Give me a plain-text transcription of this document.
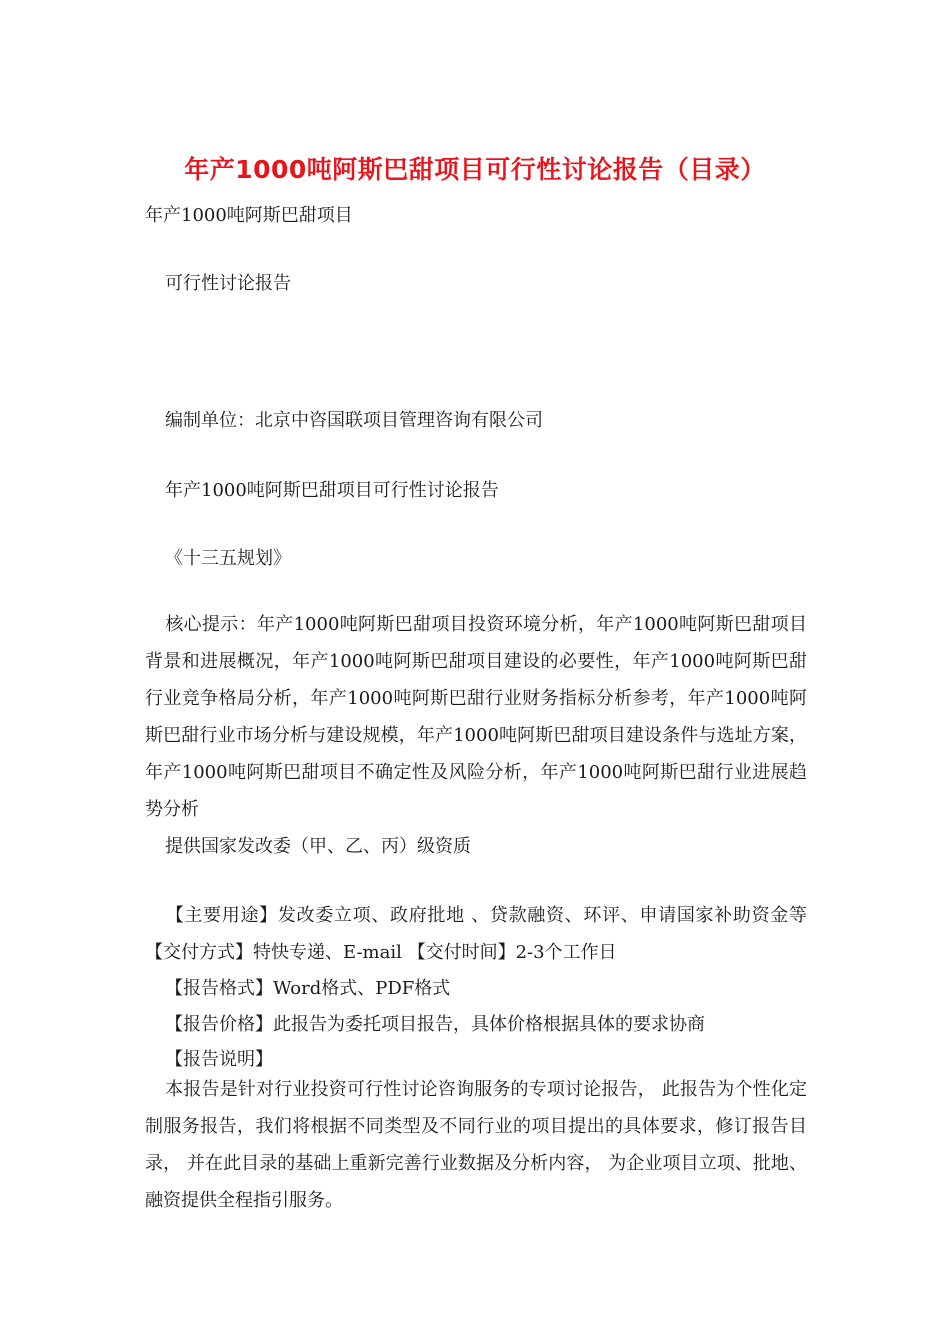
年产1000吨阿斯巴甜项目可行性讨论报告（目录）
年产1000吨阿斯巴甜项目
可行性讨论报告
编制单位：北京中咨国联项目管理咨询有限公司
年产1000吨阿斯巴甜项目可行性讨论报告
《十三五规划》
核心提示：年产1000吨阿斯巴甜项目投资环境分析，年产1000吨阿斯巴甜项目背景和进展概况，年产1000吨阿斯巴甜项目建设的必要性，年产1000吨阿斯巴甜行业竞争格局分析，年产1000吨阿斯巴甜行业财务指标分析参考，年产1000吨阿斯巴甜行业市场分析与建设规模，年产1000吨阿斯巴甜项目建设条件与选址方案，年产1000吨阿斯巴甜项目不确定性及风险分析，年产1000吨阿斯巴甜行业进展趋势分析
提供国家发改委（甲、乙、丙）级资质
【主要用途】发改委立项、政府批地 、贷款融资、环评、申请国家补助资金等 【交付方式】特快专递、E-mail 【交付时间】2-3个工作日
【报告格式】Word格式、PDF格式
【报告价格】此报告为委托项目报告，具体价格根据具体的要求协商
【报告说明】
本报告是针对行业投资可行性讨论咨询服务的专项讨论报告， 此报告为个性化定制服务报告，我们将根据不同类型及不同行业的项目提出的具体要求，修订报告目录， 并在此目录的基础上重新完善行业数据及分析内容， 为企业项目立项、批地、融资提供全程指引服务。
